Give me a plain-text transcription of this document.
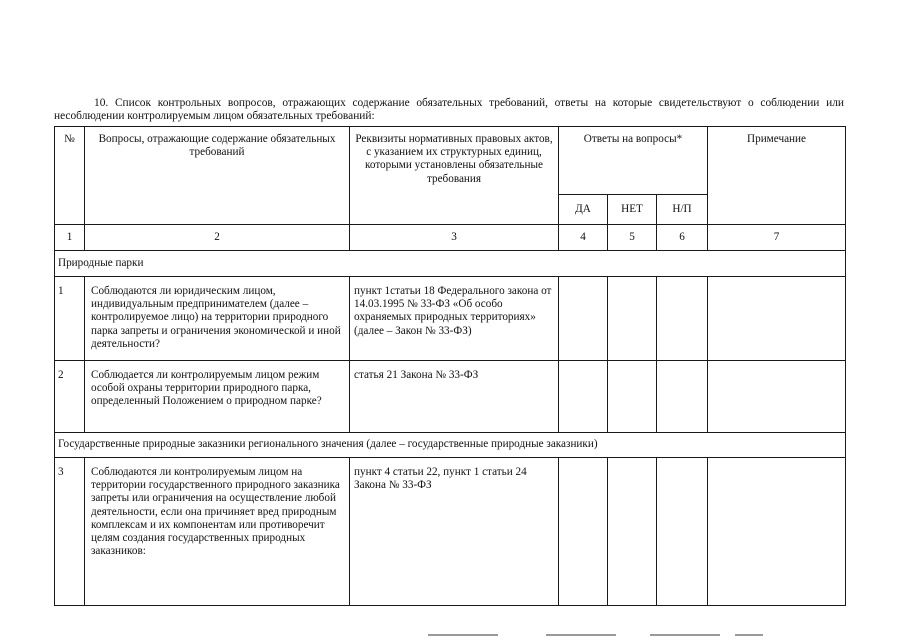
10. Список контрольных вопросов, отражающих содержание обязательных требований, ответы на которые свидетельствуют о соблюдении или несоблюдении контролируемым лицом обязательных требований:
№	Вопросы, отражающие содержание обязательных требований	Реквизиты нормативных правовых актов, с указанием их структурных единиц, которыми установлены обязательные требования	Ответы на вопросы*			Примечание
			ДА	НЕТ	Н/П	
1	2	3	4	5	6	7
Природные парки						
1	Соблюдаются ли юридическим лицом, индивидуальным предпринимателем (далее – контролируемое лицо) на территории природного парка запреты и ограничения экономической и иной деятельности?	пункт 1статьи 18 Федерального закона от 14.03.1995 № 33-ФЗ «Об особо охраняемых природных территориях» (далее – Закон № 33-ФЗ)				
2	Соблюдается ли контролируемым лицом режим особой охраны территории природного парка, определенный Положением о природном парке?	статья 21 Закона № 33-ФЗ				
Государственные природные заказники регионального значения (далее – государственные природные заказники)						
3	Соблюдаются ли контролируемым лицом на территории государственного природного заказника запреты или ограничения на осуществление любой деятельности, если она причиняет вред природным комплексам и их компонентам или противоречит целям создания государственных природных заказников:	пункт 4 статьи 22, пункт 1 статьи 24 Закона № 33-ФЗ				
